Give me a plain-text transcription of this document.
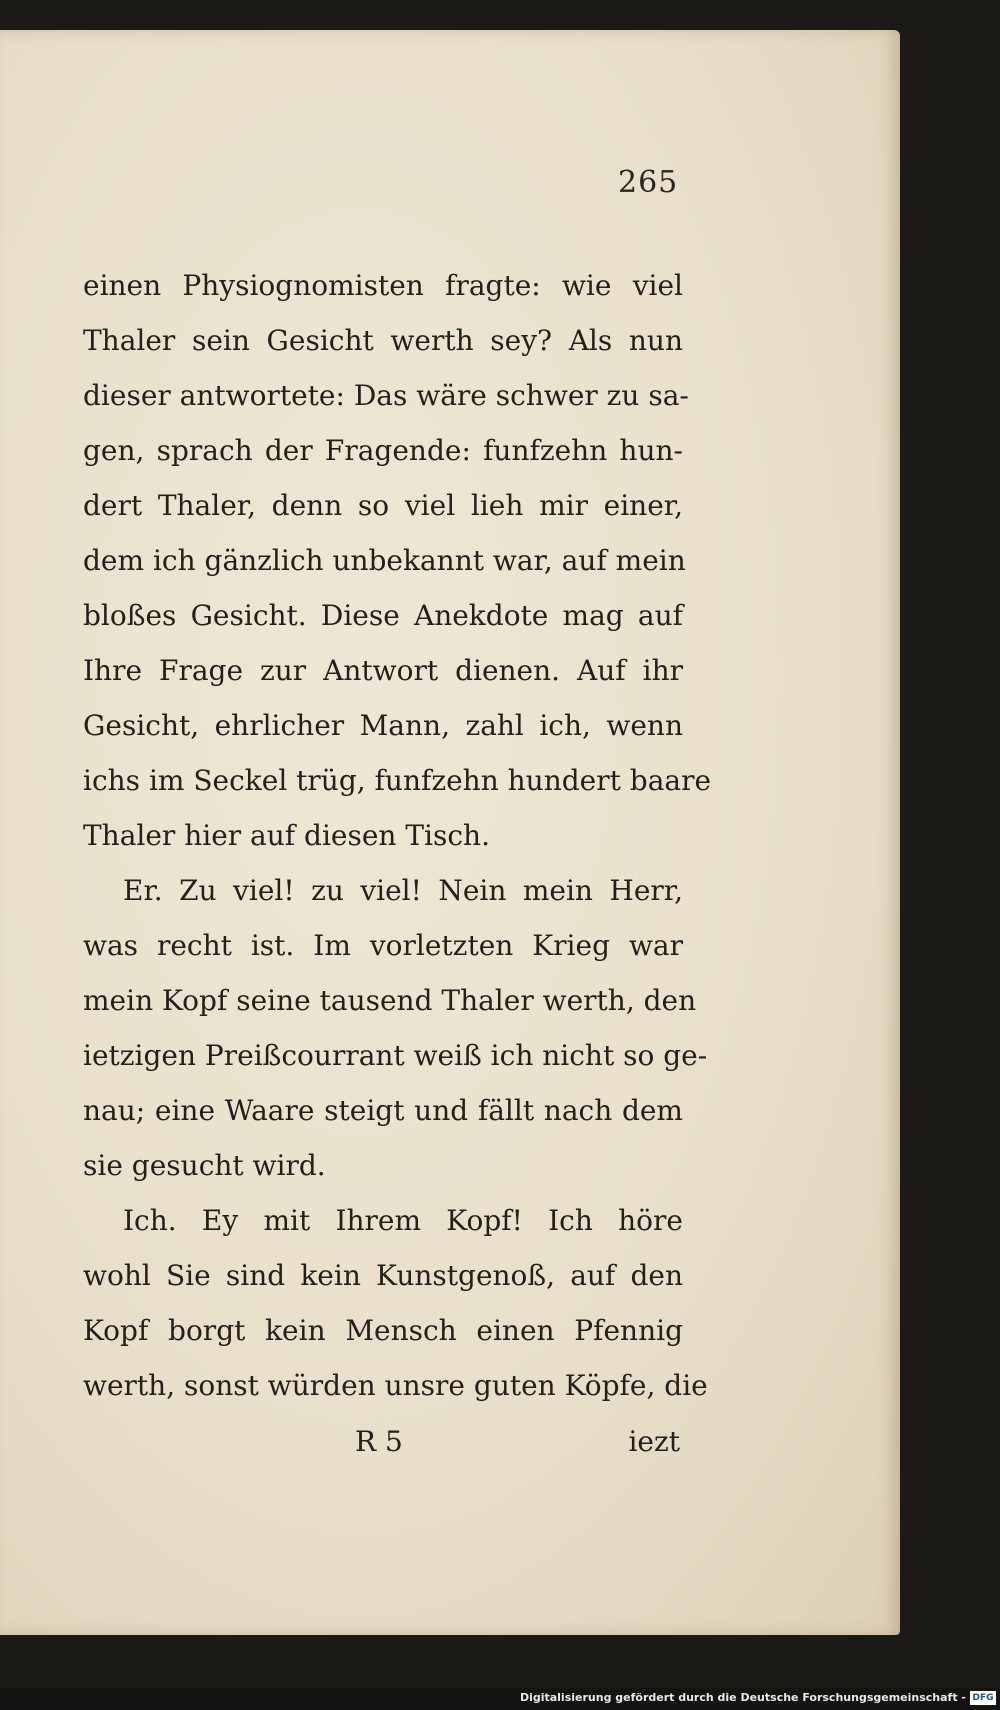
265
einen Physiognomisten fragte: wie viel
Thaler sein Gesicht werth sey? Als nun
dieser antwortete: Das wäre schwer zu sa-
gen, sprach der Fragende: funfzehn hun-
dert Thaler, denn so viel lieh mir einer,
dem ich gänzlich unbekannt war, auf mein
bloßes Gesicht. Diese Anekdote mag auf
Ihre Frage zur Antwort dienen. Auf ihr
Gesicht, ehrlicher Mann, zahl ich, wenn
ichs im Seckel trüg, funfzehn hundert baare
Thaler hier auf diesen Tisch.
Er. Zu viel! zu viel! Nein mein Herr,
was recht ist. Im vorletzten Krieg war
mein Kopf seine tausend Thaler werth, den
ietzigen Preißcourrant weiß ich nicht so ge-
nau; eine Waare steigt und fällt nach dem
sie gesucht wird.
Ich. Ey mit Ihrem Kopf! Ich höre
wohl Sie sind kein Kunstgenoß, auf den
Kopf borgt kein Mensch einen Pfennig
werth, sonst würden unsre guten Köpfe, die
R 5	iezt
Digitalisierung gefördert durch die Deutsche Forschungsgemeinschaft - DFG
